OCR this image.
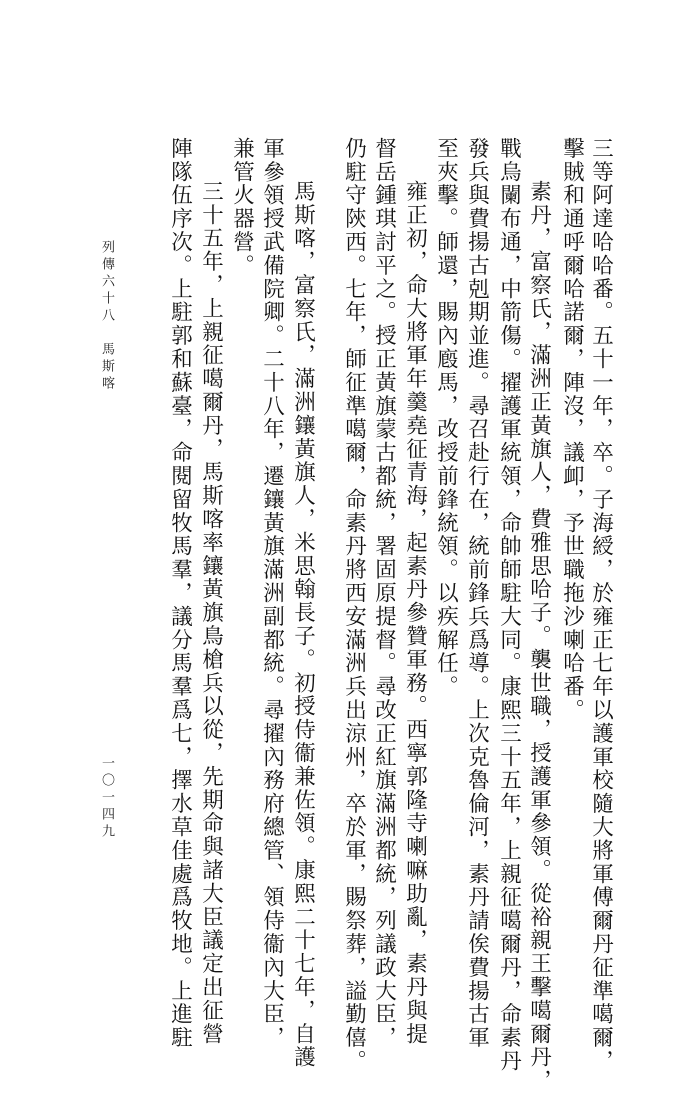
三等阿達哈哈番。五十一年，卒。子海綬，於雍正七年以護軍校隨大將軍傅爾丹征準噶爾，
擊賊和通呼爾哈諾爾，陣沒，議卹，予世職拖沙喇哈番。
素丹，富察氏，滿洲正黃旗人，費雅思哈子。襲世職，授護軍參領。從裕親王擊噶爾丹，
戰烏闌布通，中箭傷。擢護軍統領，命帥師駐大同。康熙三十五年，上親征噶爾丹，命素丹
發兵與費揚古剋期並進。尋召赴行在，統前鋒兵爲導。上次克魯倫河，素丹請俟費揚古軍
至夾擊。師還，賜內廏馬，改授前鋒統領。以疾解任。
雍正初，命大將軍年羹堯征青海，起素丹參贊軍務。西寧郭隆寺喇嘛助亂，素丹與提
督岳鍾琪討平之。授正黃旗蒙古都統，署固原提督。尋改正紅旗滿洲都統，列議政大臣，
仍駐守陝西。七年，師征準噶爾，命素丹將西安滿洲兵出涼州，卒於軍，賜祭葬，謚勤僖。
馬斯喀，富察氏，滿洲鑲黃旗人，米思翰長子。初授侍衞兼佐領。康熙二十七年，自護
軍參領授武備院卿。二十八年，遷鑲黃旗滿洲副都統。尋擢內務府總管、領侍衞內大臣，
兼管火器營。
三十五年，上親征噶爾丹，馬斯喀率鑲黃旗鳥槍兵以從，先期命與諸大臣議定出征營
陣隊伍序次。上駐郭和蘇臺，命閱留牧馬羣，議分馬羣爲七，擇水草佳處爲牧地。上進駐
列傳六十八　馬斯喀
一〇一四九
